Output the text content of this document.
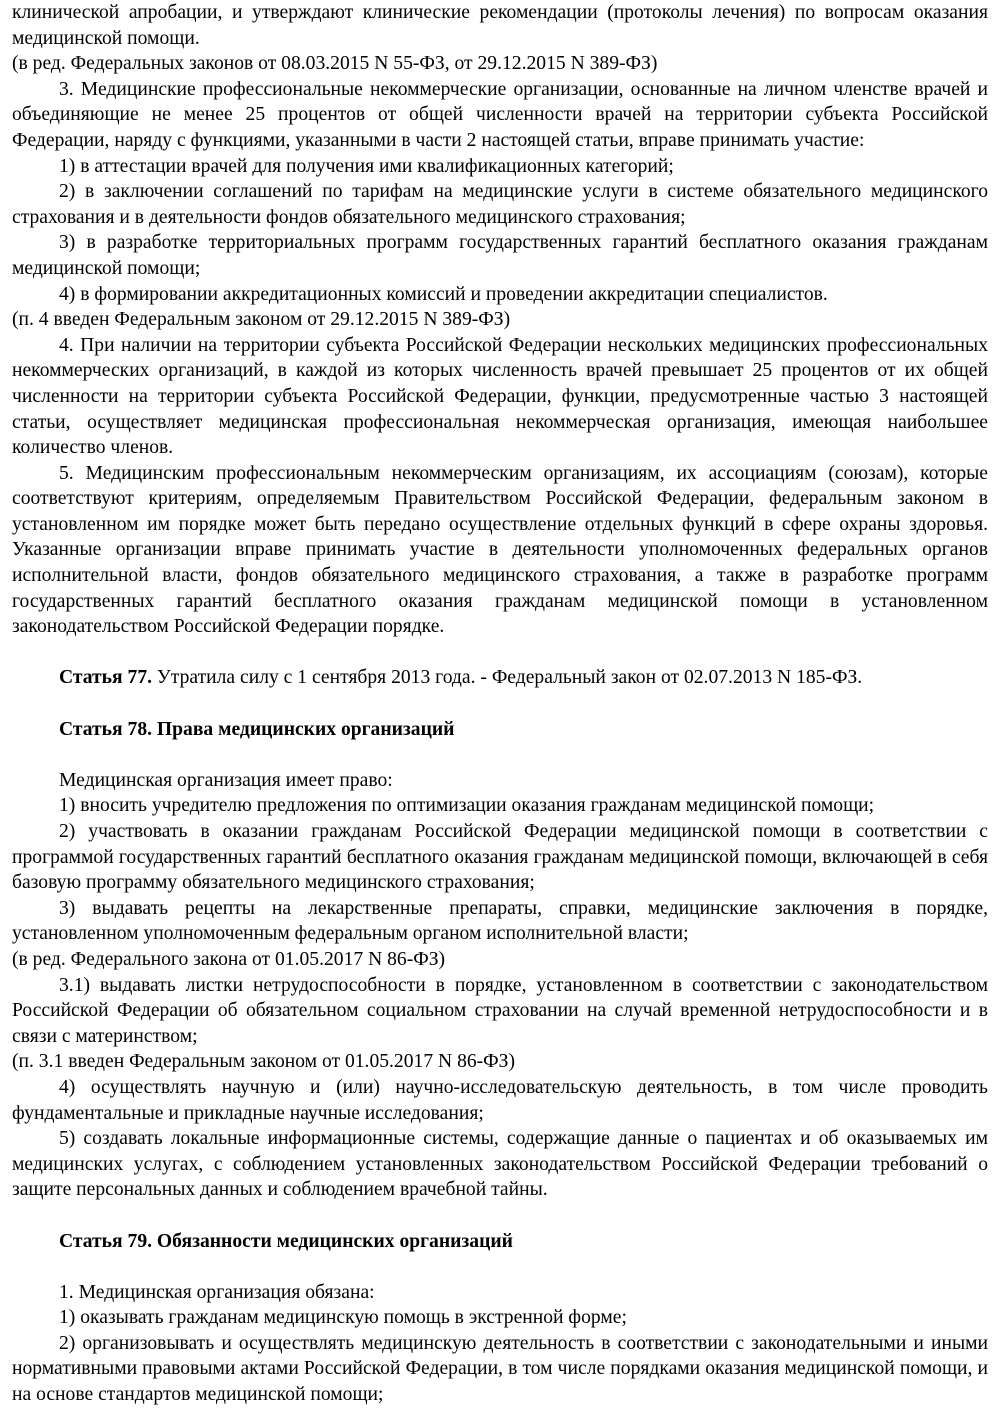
клинической апробации, и утверждают клинические рекомендации (протоколы лечения) по вопросам оказания медицинской помощи.

(в ред. Федеральных законов от 08.03.2015 N 55-ФЗ, от 29.12.2015 N 389-ФЗ)

3. Медицинские профессиональные некоммерческие организации, основанные на личном членстве врачей и объединяющие не менее 25 процентов от общей численности врачей на территории субъекта Российской Федерации, наряду с функциями, указанными в части 2 настоящей статьи, вправе принимать участие:

1) в аттестации врачей для получения ими квалификационных категорий;

2) в заключении соглашений по тарифам на медицинские услуги в системе обязательного медицинского страхования и в деятельности фондов обязательного медицинского страхования;

3) в разработке территориальных программ государственных гарантий бесплатного оказания гражданам медицинской помощи;

4) в формировании аккредитационных комиссий и проведении аккредитации специалистов.

(п. 4 введен Федеральным законом от 29.12.2015 N 389-ФЗ)

4. При наличии на территории субъекта Российской Федерации нескольких медицинских профессиональных некоммерческих организаций, в каждой из которых численность врачей превышает 25 процентов от их общей численности на территории субъекта Российской Федерации, функции, предусмотренные частью 3 настоящей статьи, осуществляет медицинская профессиональная некоммерческая организация, имеющая наибольшее количество членов.

5. Медицинским профессиональным некоммерческим организациям, их ассоциациям (союзам), которые соответствуют критериям, определяемым Правительством Российской Федерации, федеральным законом в установленном им порядке может быть передано осуществление отдельных функций в сфере охраны здоровья. Указанные организации вправе принимать участие в деятельности уполномоченных федеральных органов исполнительной власти, фондов обязательного медицинского страхования, а также в разработке программ государственных гарантий бесплатного оказания гражданам медицинской помощи в установленном законодательством Российской Федерации порядке.

Статья 77. Утратила силу с 1 сентября 2013 года. - Федеральный закон от 02.07.2013 N 185-ФЗ.

Статья 78. Права медицинских организаций

Медицинская организация имеет право:

1) вносить учредителю предложения по оптимизации оказания гражданам медицинской помощи;

2) участвовать в оказании гражданам Российской Федерации медицинской помощи в соответствии с программой государственных гарантий бесплатного оказания гражданам медицинской помощи, включающей в себя базовую программу обязательного медицинского страхования;

3) выдавать рецепты на лекарственные препараты, справки, медицинские заключения в порядке, установленном уполномоченным федеральным органом исполнительной власти;

(в ред. Федерального закона от 01.05.2017 N 86-ФЗ)

3.1) выдавать листки нетрудоспособности в порядке, установленном в соответствии с законодательством Российской Федерации об обязательном социальном страховании на случай временной нетрудоспособности и в связи с материнством;

(п. 3.1 введен Федеральным законом от 01.05.2017 N 86-ФЗ)

4) осуществлять научную и (или) научно-исследовательскую деятельность, в том числе проводить фундаментальные и прикладные научные исследования;

5) создавать локальные информационные системы, содержащие данные о пациентах и об оказываемых им медицинских услугах, с соблюдением установленных законодательством Российской Федерации требований о защите персональных данных и соблюдением врачебной тайны.

Статья 79. Обязанности медицинских организаций

1. Медицинская организация обязана:

1) оказывать гражданам медицинскую помощь в экстренной форме;

2) организовывать и осуществлять медицинскую деятельность в соответствии с законодательными и иными нормативными правовыми актами Российской Федерации, в том числе порядками оказания медицинской помощи, и на основе стандартов медицинской помощи;
